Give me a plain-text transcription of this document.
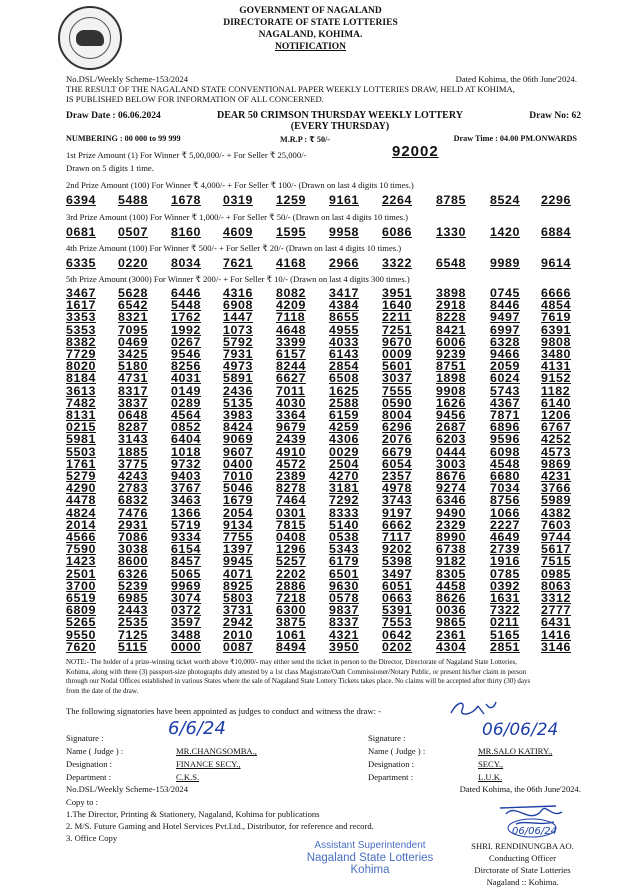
GOVERNMENT OF NAGALAND
DIRECTORATE OF STATE LOTTERIES
NAGALAND, KOHIMA.
NOTIFICATION
No.DSL/Weekly Scheme-153/2024	Dated Kohima, the 06th June'2024.
THE RESULT OF THE NAGALAND STATE CONVENTIONAL PAPER WEEKLY LOTTERIES DRAW, HELD AT KOHIMA,
IS PUBLISHED BELOW FOR INFORMATION OF ALL CONCERNED.
Draw Date : 06.06.2024	DEAR 50 CRIMSON THURSDAY WEEKLY LOTTERY
(EVERY THURSDAY)
Draw No: 62
NUMBERING : 00 000 to 99 999	M.R.P : ₹ 50/-	Draw Time : 04.00 PM.ONWARDS
1st Prize Amount (1) For Winner ₹ 5,00,000/- + For Seller ₹ 25,000/-	92002
Drawn on 5 digits 1 time.
2nd Prize Amount (100) For Winner ₹ 4,000/- + For Seller ₹ 100/- (Drawn on last 4 digits 10 times.)
6394 5488 1678 0319 1259 9161 2264 8785 8524 2296
3rd Prize Amount (100) For Winner ₹ 1,000/- + For Seller ₹ 50/- (Drawn on last 4 digits 10 times.)
0681 0507 8160 4609 1595 9958 6086 1330 1420 6884
4th Prize Amount (100) For Winner ₹ 500/- + For Seller ₹ 20/- (Drawn on last 4 digits 10 times.)
6335 0220 8034 7621 4168 2966 3322 6548 9989 9614
5th Prize Amount (3000) For Winner ₹ 200/- + For Seller ₹ 10/- (Drawn on last 4 digits 300 times.)
3467 5628 6446 4316 8082 3417 3951 3898 0745 6666
1617 6542 5448 6908 4209 4384 1640 2918 8446 4854
3353 8321 1762 1447 7118 8655 2211 8228 9497 7619
5353 7095 1992 1073 4648 4955 7251 8421 6997 6391
8382 0469 0267 5792 3399 4033 9670 6006 6328 9808
7729 3425 9546 7931 6157 6143 0009 9239 9466 3480
8020 5180 8256 4973 8244 2854 5601 8751 2059 4131
8184 4731 4031 5891 6627 6508 3037 1898 6024 9152
3613 8317 0149 2436 7011 1625 7555 9908 5743 1182
7482 3837 0289 5135 4030 2588 0590 1626 4367 6140
8131 0648 4564 3983 3364 6159 8004 9456 7871 1206
0215 8287 0852 8424 9679 4259 6296 2687 6896 6767
5981 3143 6404 9069 2439 4306 2076 6203 9596 4252
5503 1885 1018 9607 4910 0029 6679 0444 6098 4573
1761 3775 9732 0400 4572 2504 6054 3003 4548 9869
5279 4243 9403 7010 2389 4270 2357 8676 6680 4231
4290 2783 3767 5046 8278 3181 4978 9274 7034 3766
4478 6832 3463 1679 7464 7292 3743 6346 8756 5989
4824 7476 1366 2054 0301 8333 9197 9490 1066 4382
2014 2931 5719 9134 7815 5140 6662 2329 2227 7603
4566 7086 9334 7755 0408 0538 7117 8990 4649 9744
7590 3038 6154 1397 1296 5343 9202 6738 2739 5617
1423 8600 8457 9945 5257 6179 5398 9182 1916 7515
2501 6326 5065 4071 2202 6501 3497 8305 0785 0985
3700 5239 9969 8925 2886 9630 6051 4458 0392 8063
6519 6985 3074 5803 7218 0578 0663 8626 1631 3312
6809 2443 0372 3731 6300 9837 5391 0036 7322 2777
5265 2535 3597 2942 3875 8337 7553 9865 0211 6431
9550 7125 3488 2010 1061 4321 0642 2361 5165 1416
7620 5115 0000 0087 8494 3950 0202 4304 2851 3146
NOTE:- The holder of a prize-winning ticket worth above ₹10,000/- may either send the ticket in person to the Director, Directorate of Nagaland State Lotteries,
Kohima, along with three (3) passport-size photographs duly attested by a 1st class Magistrate/Oath Commissioner/Notary Public, or present his/her claim in person
through our Nodal Offices established in various States where the sale of Nagaland State Lottery Tickets takes place. No claims will be accepted after thirty (30) days
from the date of the draw.
The following signatories have been appointed as judges to conduct and witness the draw: -
6/6/24	06/06/24
Signature :
Name ( Judge ) :	MR.CHANGSOMBA.,
Designation :	FINANCE SECY.,
Department :	C.K.S.
Signature :
Name ( Judge ) :	MR.SALO KATIRY.,
Designation :	SECY.,
Department :	L.U.K.
No.DSL/Weekly Scheme-153/2024	Dated Kohima, the 06th June'2024.
Copy to :
1.The Director, Printing & Stationery, Nagaland, Kohima for publications
2. M/S. Future Gaming and Hotel Services Pvt.Ltd., Distributor, for reference and record.
3. Office Copy
Assistant Superintendent
Nagaland State Lotteries
Kohima
06/06/24
SHRI. RENDINUNGBA AO.
Conducting Officer
Dirctorate of State Lotteries
Nagaland :: Kohima.
